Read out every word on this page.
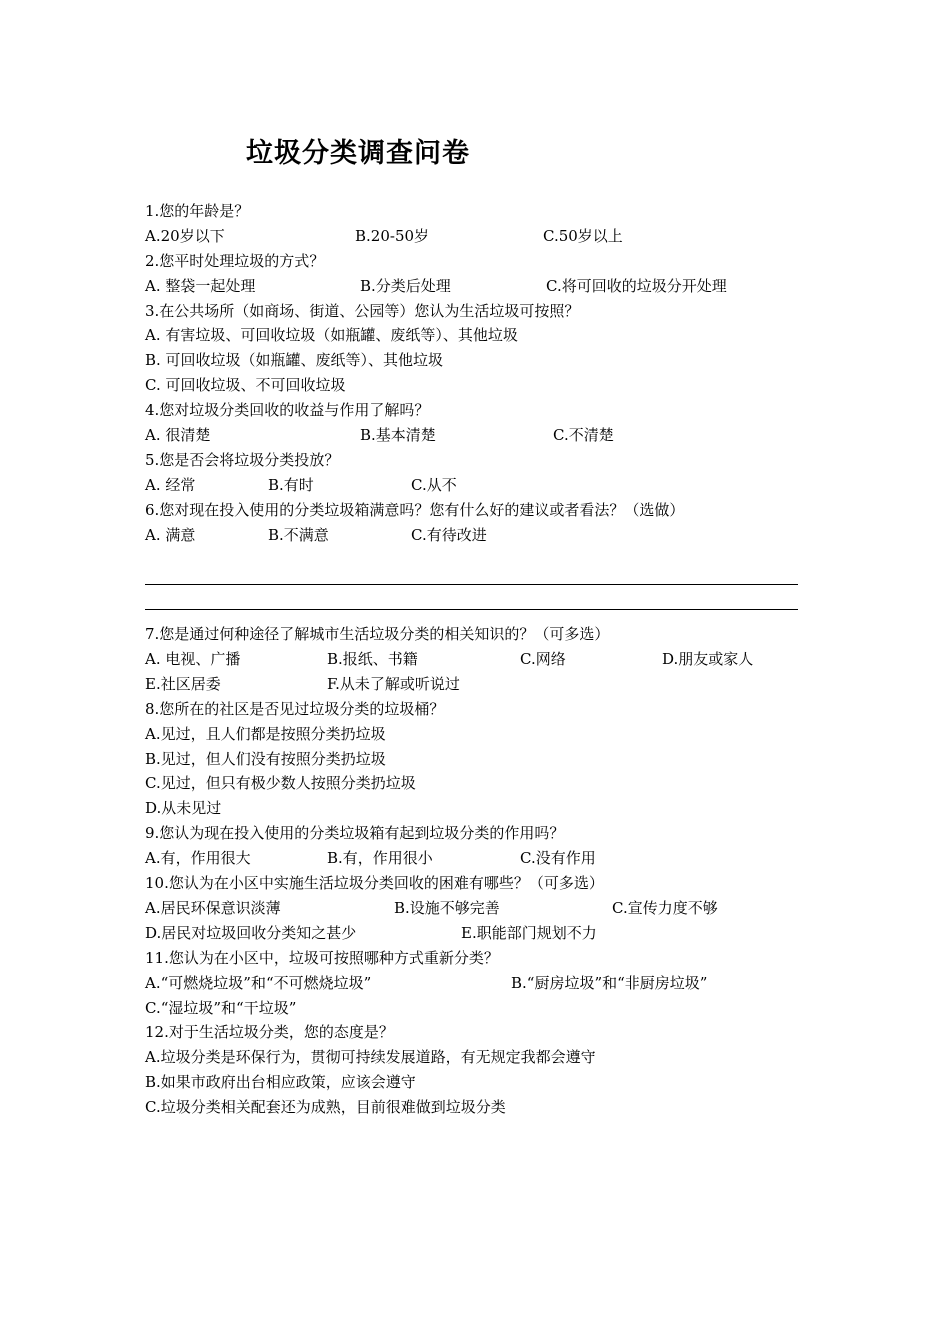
垃圾分类调查问卷
1.您的年龄是？
A.20岁以下	B.20-50岁	C.50岁以上
2.您平时处理垃圾的方式？
A. 整袋一起处理	B.分类后处理	C.将可回收的垃圾分开处理
3.在公共场所（如商场、街道、公园等）您认为生活垃圾可按照？
A. 有害垃圾、可回收垃圾（如瓶罐、废纸等）、其他垃圾
B. 可回收垃圾（如瓶罐、废纸等）、其他垃圾
C. 可回收垃圾、不可回收垃圾
4.您对垃圾分类回收的收益与作用了解吗？
A. 很清楚	B.基本清楚	C.不清楚
5.您是否会将垃圾分类投放？
A. 经常	B.有时	C.从不
6.您对现在投入使用的分类垃圾箱满意吗？您有什么好的建议或者看法？（选做）
A. 满意	B.不满意	C.有待改进
7.您是通过何种途径了解城市生活垃圾分类的相关知识的？（可多选）
A. 电视、广播	B.报纸、书籍	C.网络	D.朋友或家人
E.社区居委	F.从未了解或听说过
8.您所在的社区是否见过垃圾分类的垃圾桶？
A.见过，且人们都是按照分类扔垃圾
B.见过，但人们没有按照分类扔垃圾
C.见过，但只有极少数人按照分类扔垃圾
D.从未见过
9.您认为现在投入使用的分类垃圾箱有起到垃圾分类的作用吗？
A.有，作用很大	B.有，作用很小	C.没有作用
10.您认为在小区中实施生活垃圾分类回收的困难有哪些？（可多选）
A.居民环保意识淡薄	B.设施不够完善	C.宣传力度不够
D.居民对垃圾回收分类知之甚少	E.职能部门规划不力
11.您认为在小区中，垃圾可按照哪种方式重新分类？
A.“可燃烧垃圾”和“不可燃烧垃圾”	B.“厨房垃圾”和“非厨房垃圾”
C.“湿垃圾”和“干垃圾”
12.对于生活垃圾分类，您的态度是？
A.垃圾分类是环保行为，贯彻可持续发展道路，有无规定我都会遵守
B.如果市政府出台相应政策，应该会遵守
C.垃圾分类相关配套还为成熟，目前很难做到垃圾分类
